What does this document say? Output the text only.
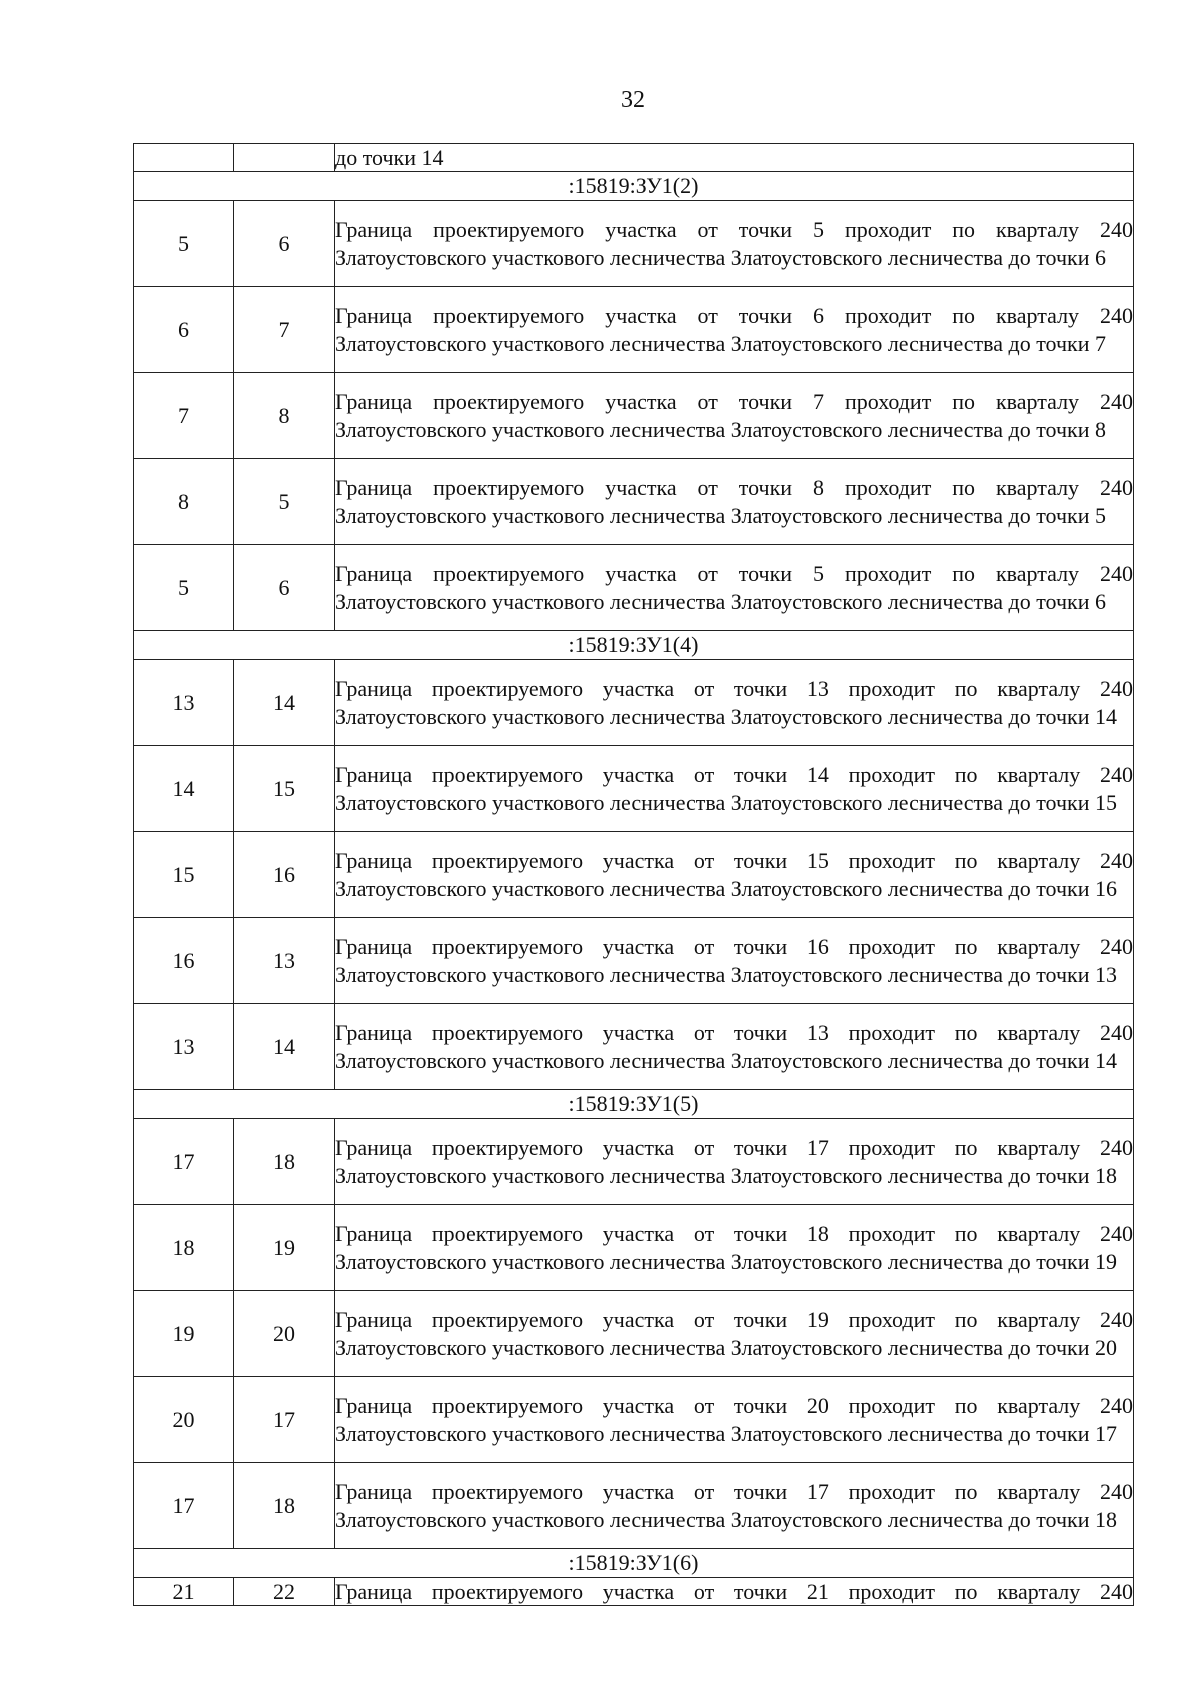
32
		до точки 14
:15819:ЗУ1(2)		
5	6	Граница проектируемого участка от точки 5 проходит по кварталу 240 Златоустовского участкового лесничества Златоустовского лесничества до точки 6
6	7	Граница проектируемого участка от точки 6 проходит по кварталу 240 Златоустовского участкового лесничества Златоустовского лесничества до точки 7
7	8	Граница проектируемого участка от точки 7 проходит по кварталу 240 Златоустовского участкового лесничества Златоустовского лесничества до точки 8
8	5	Граница проектируемого участка от точки 8 проходит по кварталу 240 Златоустовского участкового лесничества Златоустовского лесничества до точки 5
5	6	Граница проектируемого участка от точки 5 проходит по кварталу 240 Златоустовского участкового лесничества Златоустовского лесничества до точки 6
:15819:ЗУ1(4)		
13	14	Граница проектируемого участка от точки 13 проходит по кварталу 240 Златоустовского участкового лесничества Златоустовского лесничества до точки 14
14	15	Граница проектируемого участка от точки 14 проходит по кварталу 240 Златоустовского участкового лесничества Златоустовского лесничества до точки 15
15	16	Граница проектируемого участка от точки 15 проходит по кварталу 240 Златоустовского участкового лесничества Златоустовского лесничества до точки 16
16	13	Граница проектируемого участка от точки 16 проходит по кварталу 240 Златоустовского участкового лесничества Златоустовского лесничества до точки 13
13	14	Граница проектируемого участка от точки 13 проходит по кварталу 240 Златоустовского участкового лесничества Златоустовского лесничества до точки 14
:15819:ЗУ1(5)		
17	18	Граница проектируемого участка от точки 17 проходит по кварталу 240 Златоустовского участкового лесничества Златоустовского лесничества до точки 18
18	19	Граница проектируемого участка от точки 18 проходит по кварталу 240 Златоустовского участкового лесничества Златоустовского лесничества до точки 19
19	20	Граница проектируемого участка от точки 19 проходит по кварталу 240 Златоустовского участкового лесничества Златоустовского лесничества до точки 20
20	17	Граница проектируемого участка от точки 20 проходит по кварталу 240 Златоустовского участкового лесничества Златоустовского лесничества до точки 17
17	18	Граница проектируемого участка от точки 17 проходит по кварталу 240 Златоустовского участкового лесничества Златоустовского лесничества до точки 18
:15819:ЗУ1(6)		
21	22	Граница проектируемого участка от точки 21 проходит по кварталу 240
